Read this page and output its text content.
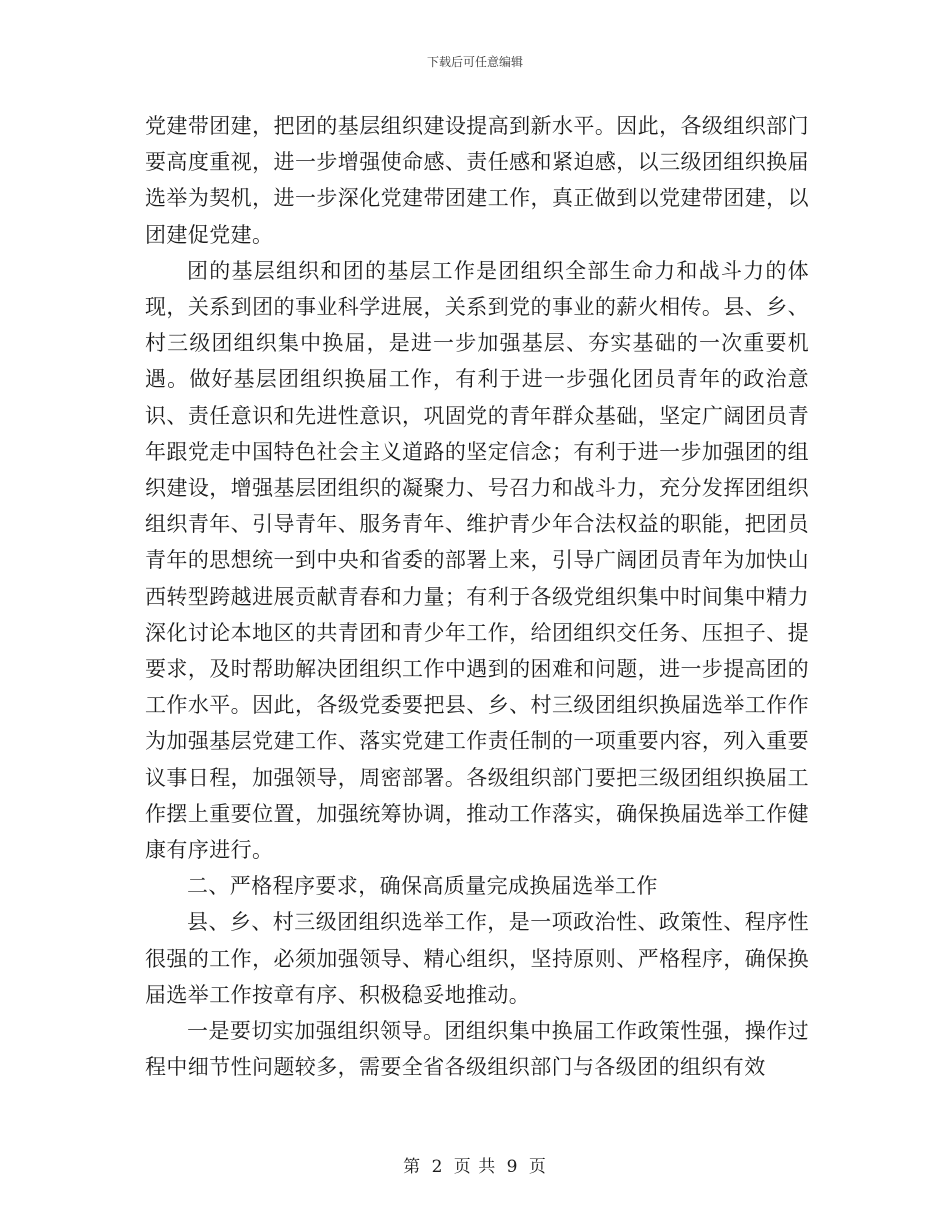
下载后可任意编辑

党建带团建，把团的基层组织建设提高到新水平。因此，各级组织部门要高度重视，进一步增强使命感、责任感和紧迫感，以三级团组织换届选举为契机，进一步深化党建带团建工作，真正做到以党建带团建，以团建促党建。

团的基层组织和团的基层工作是团组织全部生命力和战斗力的体现，关系到团的事业科学进展，关系到党的事业的薪火相传。县、乡、村三级团组织集中换届，是进一步加强基层、夯实基础的一次重要机遇。做好基层团组织换届工作，有利于进一步强化团员青年的政治意识、责任意识和先进性意识，巩固党的青年群众基础，坚定广阔团员青年跟党走中国特色社会主义道路的坚定信念；有利于进一步加强团的组织建设，增强基层团组织的凝聚力、号召力和战斗力，充分发挥团组织组织青年、引导青年、服务青年、维护青少年合法权益的职能，把团员青年的思想统一到中央和省委的部署上来，引导广阔团员青年为加快山西转型跨越进展贡献青春和力量；有利于各级党组织集中时间集中精力深化讨论本地区的共青团和青少年工作，给团组织交任务、压担子、提要求，及时帮助解决团组织工作中遇到的困难和问题，进一步提高团的工作水平。因此，各级党委要把县、乡、村三级团组织换届选举工作作为加强基层党建工作、落实党建工作责任制的一项重要内容，列入重要议事日程，加强领导，周密部署。各级组织部门要把三级团组织换届工作摆上重要位置，加强统筹协调，推动工作落实，确保换届选举工作健康有序进行。

二、严格程序要求，确保高质量完成换届选举工作

县、乡、村三级团组织选举工作，是一项政治性、政策性、程序性很强的工作，必须加强领导、精心组织，坚持原则、严格程序，确保换届选举工作按章有序、积极稳妥地推动。

一是要切实加强组织领导。团组织集中换届工作政策性强，操作过程中细节性问题较多，需要全省各级组织部门与各级团的组织有效

第 2 页 共 9 页
